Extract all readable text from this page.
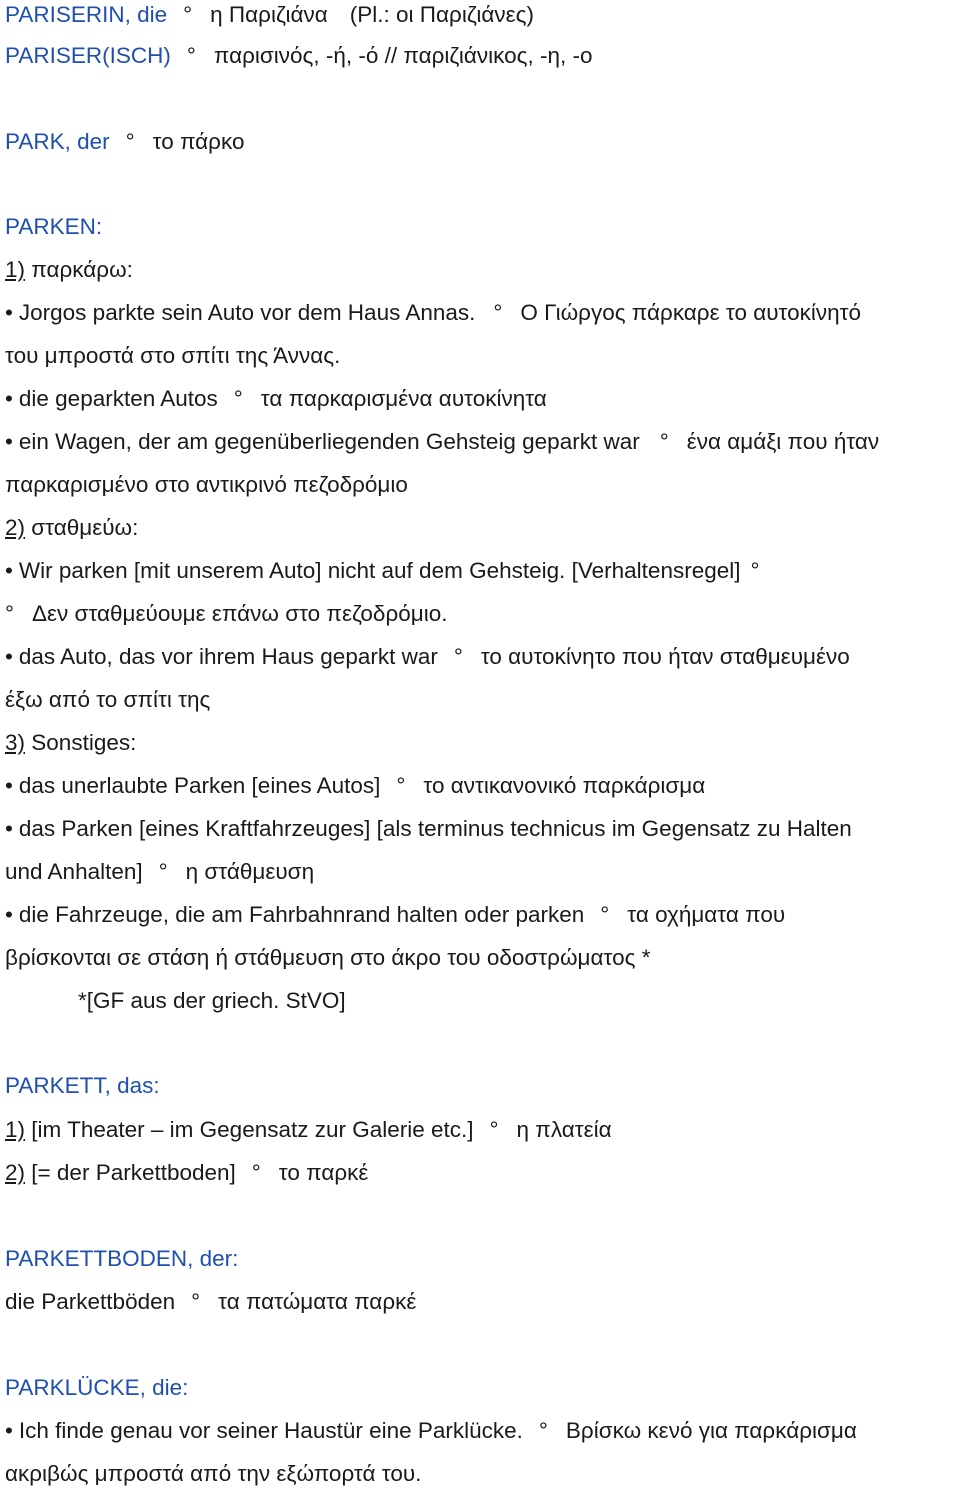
PARISERIN, die ° η Παριζιάνα (Pl.: οι Παριζιάνες)
PARISER(ISCH) ° παρισινός, -ή, -ό // παριζιάνικος, -η, -ο
PARK, der ° το πάρκο
PARKEN:
1) παρκάρω:
• Jorgos parkte sein Auto vor dem Haus Annas. ° Ο Γιώργος πάρκαρε το αυτοκίνητό
του μπροστά στο σπίτι της Άννας.
• die geparkten Autos ° τα παρκαρισμένα αυτοκίνητα
• ein Wagen, der am gegenüberliegenden Gehsteig geparkt war ° ένα αμάξι που ήταν
παρκαρισμένο στο αντικρινό πεζοδρόμιο
2) σταθμεύω:
• Wir parken [mit unserem Auto] nicht auf dem Gehsteig. [Verhaltensregel] °
° Δεν σταθμεύουμε επάνω στο πεζοδρόμιο.
• das Auto, das vor ihrem Haus geparkt war ° το αυτοκίνητο που ήταν σταθμευμένο
έξω από το σπίτι της
3) Sonstiges:
• das unerlaubte Parken [eines Autos] ° το αντικανονικό παρκάρισμα
• das Parken [eines Kraftfahrzeuges] [als terminus technicus im Gegensatz zu Halten
und Anhalten] ° η στάθμευση
• die Fahrzeuge, die am Fahrbahnrand halten oder parken ° τα οχήματα που
βρίσκονται σε στάση ή στάθμευση στο άκρο του οδοστρώματος *
*[GF aus der griech. StVO]
PARKETT, das:
1) [im Theater – im Gegensatz zur Galerie etc.] ° η πλατεία
2) [= der Parkettboden] ° το παρκέ
PARKETTBODEN, der:
die Parkettböden ° τα πατώματα παρκέ
PARKLÜCKE, die:
• Ich finde genau vor seiner Haustür eine Parklücke. ° Βρίσκω κενό για παρκάρισμα
ακριβώς μπροστά από την εξώπορτά του.
